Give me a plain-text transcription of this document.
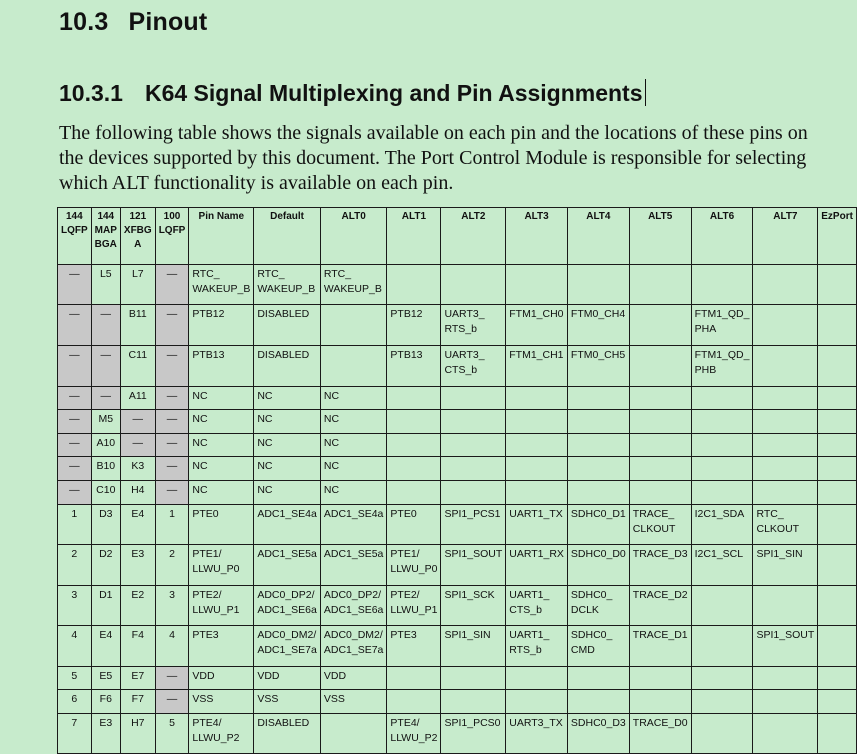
10.3 Pinout
10.3.1 K64 Signal Multiplexing and Pin Assignments

The following table shows the signals available on each pin and the locations of these pins on the devices supported by this document. The Port Control Module is responsible for selecting which ALT functionality is available on each pin.

144
LQFP	144
MAP
BGA	121
XFBG
A	100
LQFP	Pin Name	Default	ALT0	ALT1	ALT2	ALT3	ALT4	ALT5	ALT6	ALT7	EzPort
—	L5	L7	—	RTC_ WAKEUP_B	RTC_ WAKEUP_B	RTC_ WAKEUP_B								
—	—	B11	—	PTB12	DISABLED		PTB12	UART3_ RTS_b	FTM1_CH0	FTM0_CH4		FTM1_QD_ PHA		
—	—	C11	—	PTB13	DISABLED		PTB13	UART3_ CTS_b	FTM1_CH1	FTM0_CH5		FTM1_QD_ PHB		
—	—	A11	—	NC	NC	NC								
—	M5	—	—	NC	NC	NC								
—	A10	—	—	NC	NC	NC								
—	B10	K3	—	NC	NC	NC								
—	C10	H4	—	NC	NC	NC								
1	D3	E4	1	PTE0	ADC1_SE4a	ADC1_SE4a	PTE0	SPI1_PCS1	UART1_TX	SDHC0_D1	TRACE_ CLKOUT	I2C1_SDA	RTC_ CLKOUT	
2	D2	E3	2	PTE1/ LLWU_P0	ADC1_SE5a	ADC1_SE5a	PTE1/ LLWU_P0	SPI1_SOUT	UART1_RX	SDHC0_D0	TRACE_D3	I2C1_SCL	SPI1_SIN	
3	D1	E2	3	PTE2/ LLWU_P1	ADC0_DP2/ ADC1_SE6a	ADC0_DP2/ ADC1_SE6a	PTE2/ LLWU_P1	SPI1_SCK	UART1_ CTS_b	SDHC0_ DCLK	TRACE_D2			
4	E4	F4	4	PTE3	ADC0_DM2/ ADC1_SE7a	ADC0_DM2/ ADC1_SE7a	PTE3	SPI1_SIN	UART1_ RTS_b	SDHC0_ CMD	TRACE_D1		SPI1_SOUT	
5	E5	E7	—	VDD	VDD	VDD								
6	F6	F7	—	VSS	VSS	VSS								
7	E3	H7	5	PTE4/ LLWU_P2	DISABLED		PTE4/ LLWU_P2	SPI1_PCS0	UART3_TX	SDHC0_D3	TRACE_D0			
